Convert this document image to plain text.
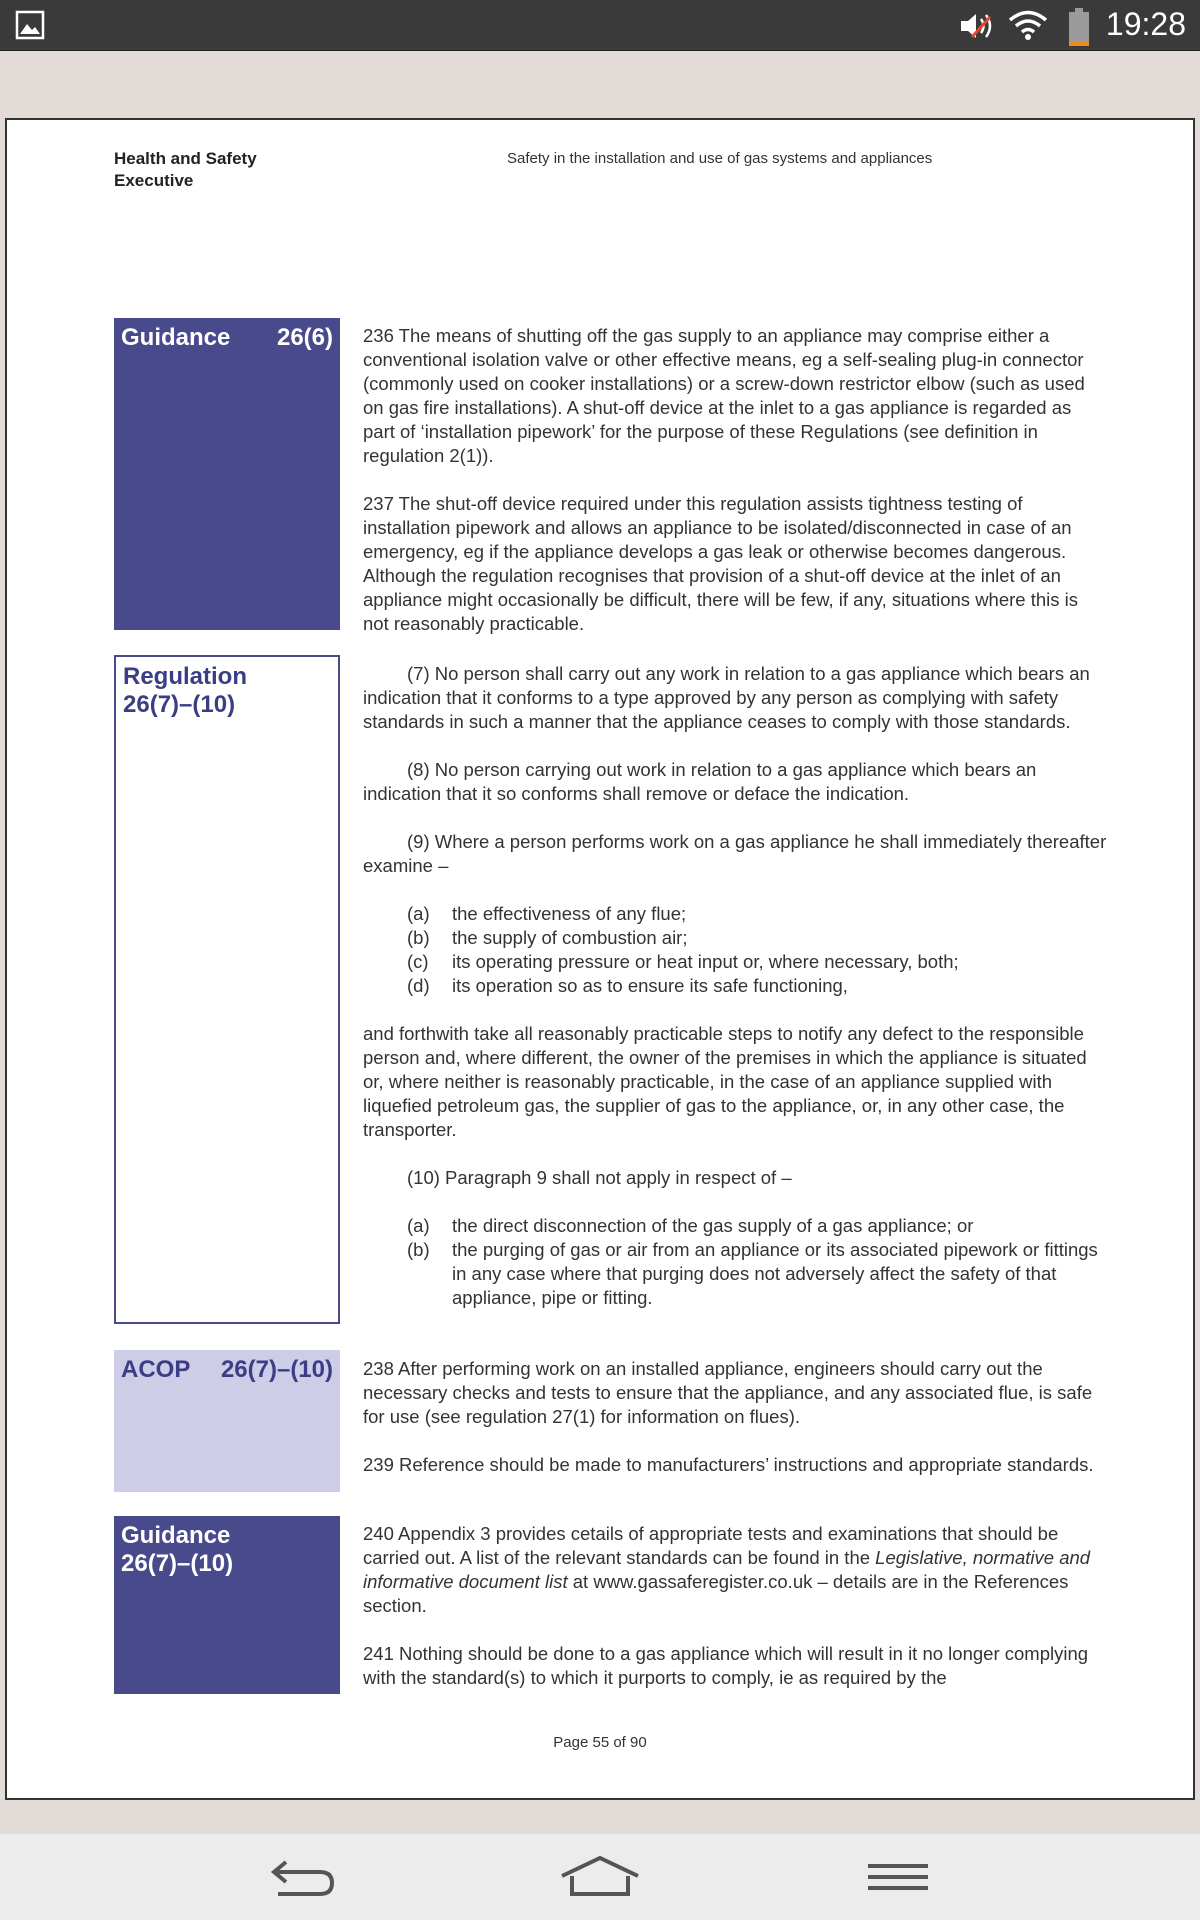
19:28
Health and Safety Executive
Safety in the installation and use of gas systems and appliances
Guidance 26(6) 236 The means of shutting off the gas supply to an appliance may comprise either a conventional isolation valve or other effective means, eg a self-sealing plug-in connector (commonly used on cooker installations) or a screw-down restrictor elbow (such as used on gas fire installations). A shut-off device at the inlet to a gas appliance is regarded as part of ‘installation pipework’ for the purpose of these Regulations (see definition in regulation 2(1)).

237 The shut-off device required under this regulation assists tightness testing of installation pipework and allows an appliance to be isolated/disconnected in case of an emergency, eg if the appliance develops a gas leak or otherwise becomes dangerous. Although the regulation recognises that provision of a shut-off device at the inlet of an appliance might occasionally be difficult, there will be few, if any, situations where this is not reasonably practicable.

Regulation
26(7)–(10)

(7) No person shall carry out any work in relation to a gas appliance which bears an indication that it conforms to a type approved by any person as complying with safety standards in such a manner that the appliance ceases to comply with those standards.

(8) No person carrying out work in relation to a gas appliance which bears an indication that it so conforms shall remove or deface the indication.

(9) Where a person performs work on a gas appliance he shall immediately thereafter examine –

(a)	the effectiveness of any flue;
(b)	the supply of combustion air;
(c)	its operating pressure or heat input or, where necessary, both;
(d)	its operation so as to ensure its safe functioning,

and forthwith take all reasonably practicable steps to notify any defect to the responsible person and, where different, the owner of the premises in which the appliance is situated or, where neither is reasonably practicable, in the case of an appliance supplied with liquefied petroleum gas, the supplier of gas to the appliance, or, in any other case, the transporter.

(10) Paragraph 9 shall not apply in respect of –

(a)	the direct disconnection of the gas supply of a gas appliance; or
(b)	the purging of gas or air from an appliance or its associated pipework or fittings in any case where that purging does not adversely affect the safety of that appliance, pipe or fitting.
ACOP 26(7)–(10) 238 After performing work on an installed appliance, engineers should carry out the necessary checks and tests to ensure that the appliance, and any associated flue, is safe for use (see regulation 27(1) for information on flues).

239 Reference should be made to manufacturers’ instructions and appropriate standards.

Guidance
26(7)–(10)

240 Appendix 3 provides cetails of appropriate tests and examinations that should be carried out. A list of the relevant standards can be found in the Legislative, normative and informative document list at www.gassaferegister.co.uk – details are in the References section.

241 Nothing should be done to a gas appliance which will result in it no longer complying with the standard(s) to which it purports to comply, ie as required by the

Page 55 of 90
